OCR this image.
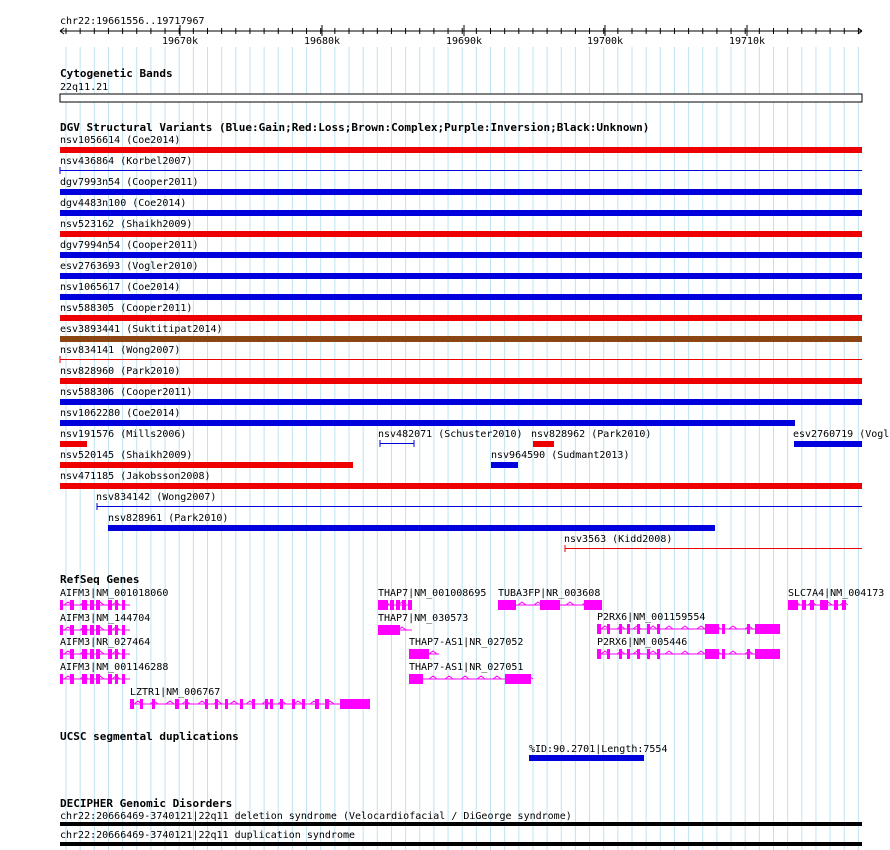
chr22:19661556..19717967
19670k	19680k	19690k	19700k	19710k
Cytogenetic Bands
22q11.21
DGV Structural Variants (Blue:Gain;Red:Loss;Brown:Complex;Purple:Inversion;Black:Unknown)
nsv1056614 (Coe2014)
nsv436864 (Korbel2007)
dgv7993n54 (Cooper2011)
dgv4483n100 (Coe2014)
nsv523162 (Shaikh2009)
dgv7994n54 (Cooper2011)
esv2763693 (Vogler2010)
nsv1065617 (Coe2014)
nsv588305 (Cooper2011)
esv3893441 (Suktitipat2014)
nsv834141 (Wong2007)
nsv828960 (Park2010)
nsv588306 (Cooper2011)
nsv1062280 (Coe2014)
nsv191576 (Mills2006)	nsv482071 (Schuster2010) nsv828962 (Park2010)	esv2760719 (Vogl
nsv520145 (Shaikh2009)	nsv964590 (Sudmant2013)
nsv471185 (Jakobsson2008)
nsv834142 (Wong2007)
nsv828961 (Park2010)
nsv3563 (Kidd2008)
RefSeq Genes
AIFM3|NM_001018060
AIFM3|NM_144704
AIFM3|NR_027464
AIFM3|NM_001146288
LZTR1|NM_006767
THAP7|NM_001008695
THAP7|NM_030573
THAP7-AS1|NR_027052
THAP7-AS1|NR_027051
TUBA3FP|NR_003608
P2RX6|NM_001159554
P2RX6|NM_005446
SLC7A4|NM_004173
UCSC segmental duplications
%ID:90.2701|Length:7554
DECIPHER Genomic Disorders
chr22:20666469-3740121|22q11 deletion syndrome (Velocardiofacial / DiGeorge syndrome)
chr22:20666469-3740121|22q11 duplication syndrome
